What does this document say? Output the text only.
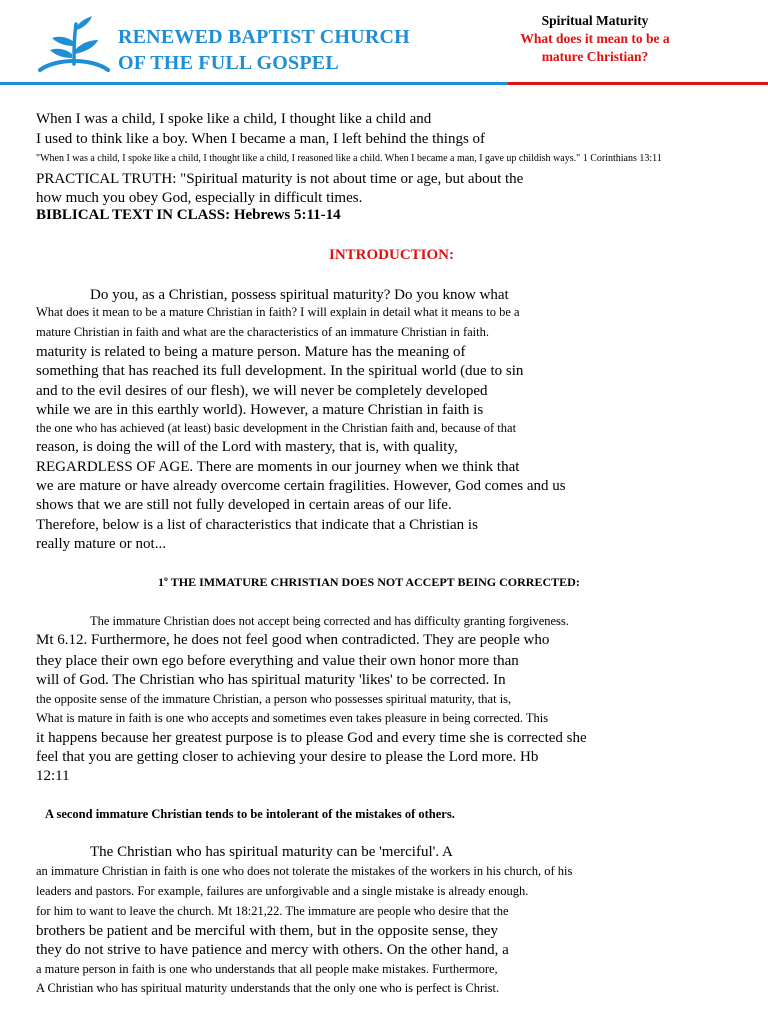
RENEWED BAPTIST CHURCH
OF THE FULL GOSPEL
Spiritual Maturity
What does it mean to be a
mature Christian?
When I was a child, I spoke like a child, I thought like a child and
I used to think like a boy. When I became a man, I left behind the things of
"When I was a child, I spoke like a child, I thought like a child, I reasoned like a child. When I became a man, I gave up childish ways." 1 Corinthians 13:11
PRACTICAL TRUTH: "Spiritual maturity is not about time or age, but about the
how much you obey God, especially in difficult times.
BIBLICAL TEXT IN CLASS: Hebrews 5:11-14
INTRODUCTION:
Do you, as a Christian, possess spiritual maturity? Do you know what
What does it mean to be a mature Christian in faith? I will explain in detail what it means to be a
mature Christian in faith and what are the characteristics of an immature Christian in faith.
maturity is related to being a mature person. Mature has the meaning of
something that has reached its full development. In the spiritual world (due to sin
and to the evil desires of our flesh), we will never be completely developed
while we are in this earthly world). However, a mature Christian in faith is
the one who has achieved (at least) basic development in the Christian faith and, because of that
reason, is doing the will of the Lord with mastery, that is, with quality,
REGARDLESS OF AGE. There are moments in our journey when we think that
we are mature or have already overcome certain fragilities. However, God comes and us
shows that we are still not fully developed in certain areas of our life.
Therefore, below is a list of characteristics that indicate that a Christian is
really mature or not...
1º THE IMMATURE CHRISTIAN DOES NOT ACCEPT BEING CORRECTED:
The immature Christian does not accept being corrected and has difficulty granting forgiveness.
Mt 6.12. Furthermore, he does not feel good when contradicted. They are people who
they place their own ego before everything and value their own honor more than
will of God. The Christian who has spiritual maturity 'likes' to be corrected. In
the opposite sense of the immature Christian, a person who possesses spiritual maturity, that is,
What is mature in faith is one who accepts and sometimes even takes pleasure in being corrected. This
it happens because her greatest purpose is to please God and every time she is corrected she
feel that you are getting closer to achieving your desire to please the Lord more. Hb
12:11
A second immature Christian tends to be intolerant of the mistakes of others.
The Christian who has spiritual maturity can be 'merciful'. A
an immature Christian in faith is one who does not tolerate the mistakes of the workers in his church, of his
leaders and pastors. For example, failures are unforgivable and a single mistake is already enough.
for him to want to leave the church. Mt 18:21,22. The immature are people who desire that the
brothers be patient and be merciful with them, but in the opposite sense, they
they do not strive to have patience and mercy with others. On the other hand, a
a mature person in faith is one who understands that all people make mistakes. Furthermore,
A Christian who has spiritual maturity understands that the only one who is perfect is Christ.
